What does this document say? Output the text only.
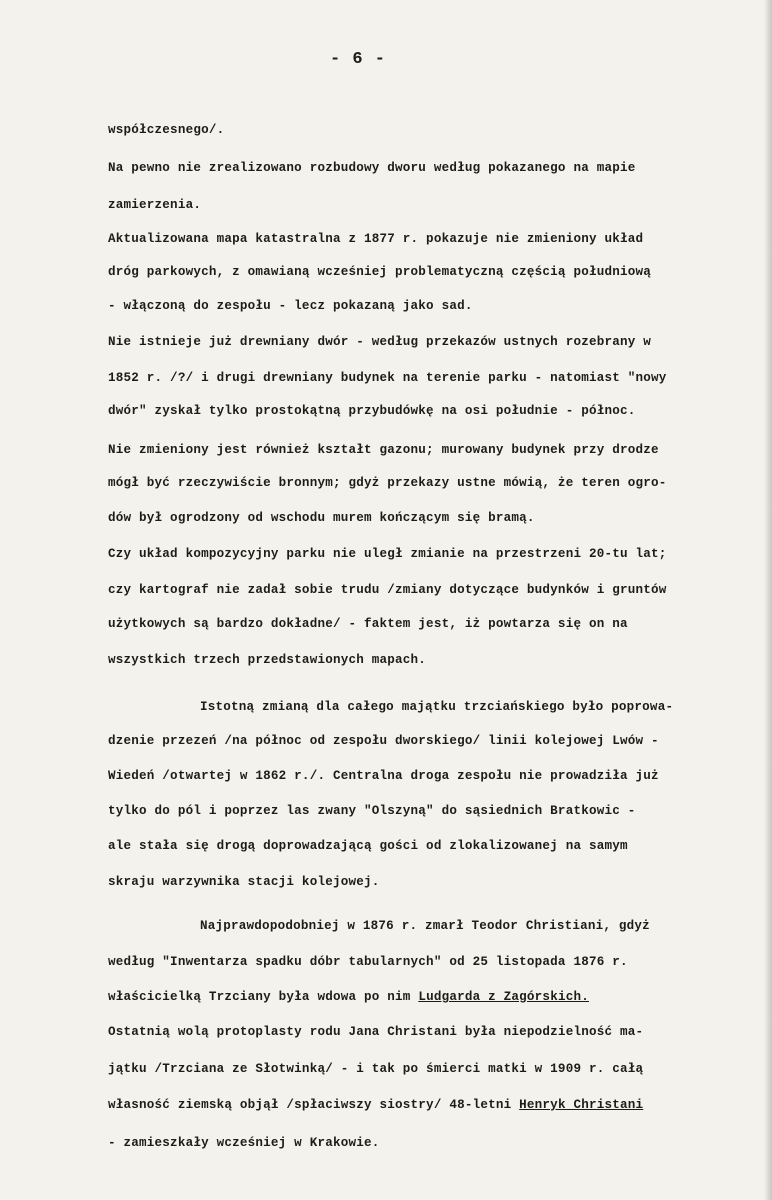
- 6 -
współczesnego/.
Na pewno nie zrealizowano rozbudowy dworu według pokazanego na mapie
zamierzenia.
Aktualizowana mapa katastralna z 1877 r. pokazuje nie zmieniony układ
dróg parkowych, z omawianą wcześniej problematyczną częścią południową
- włączoną do zespołu - lecz pokazaną jako sad.
Nie istnieje już drewniany dwór - według przekazów ustnych rozebrany w
1852 r. /?/ i drugi drewniany budynek na terenie parku - natomiast "nowy
dwór" zyskał tylko prostokątną przybudówkę na osi południe - północ.
Nie zmieniony jest również kształt gazonu; murowany budynek przy drodze
mógł być rzeczywiście bronnym; gdyż przekazy ustne mówią, że teren ogro-
dów był ogrodzony od wschodu murem kończącym się bramą.
Czy układ kompozycyjny parku nie uległ zmianie na przestrzeni 20-tu lat;
czy kartograf nie zadał sobie trudu /zmiany dotyczące budynków i gruntów
użytkowych są bardzo dokładne/ - faktem jest, iż powtarza się on na
wszystkich trzech przedstawionych mapach.
Istotną zmianą dla całego majątku trzciańskiego było poprowa-
dzenie przezeń /na północ od zespołu dworskiego/ linii kolejowej Lwów -
Wiedeń /otwartej w 1862 r./. Centralna droga zespołu nie prowadziła już
tylko do pól i poprzez las zwany "Olszyną" do sąsiednich Bratkowic -
ale stała się drogą doprowadzającą gości od zlokalizowanej na samym
skraju warzywnika stacji kolejowej.
Najprawdopodobniej w 1876 r. zmarł Teodor Christiani, gdyż
według "Inwentarza spadku dóbr tabularnych" od 25 listopada 1876 r.
właścicielką Trzciany była wdowa po nim Ludgarda z Zagórskich.
Ostatnią wolą protoplasty rodu Jana Christani była niepodzielność ma-
jątku /Trzciana ze Słotwinką/ - i tak po śmierci matki w 1909 r. całą
własność ziemską objął /spłaciwszy siostry/ 48-letni Henryk Christani
- zamieszkały wcześniej w Krakowie.
